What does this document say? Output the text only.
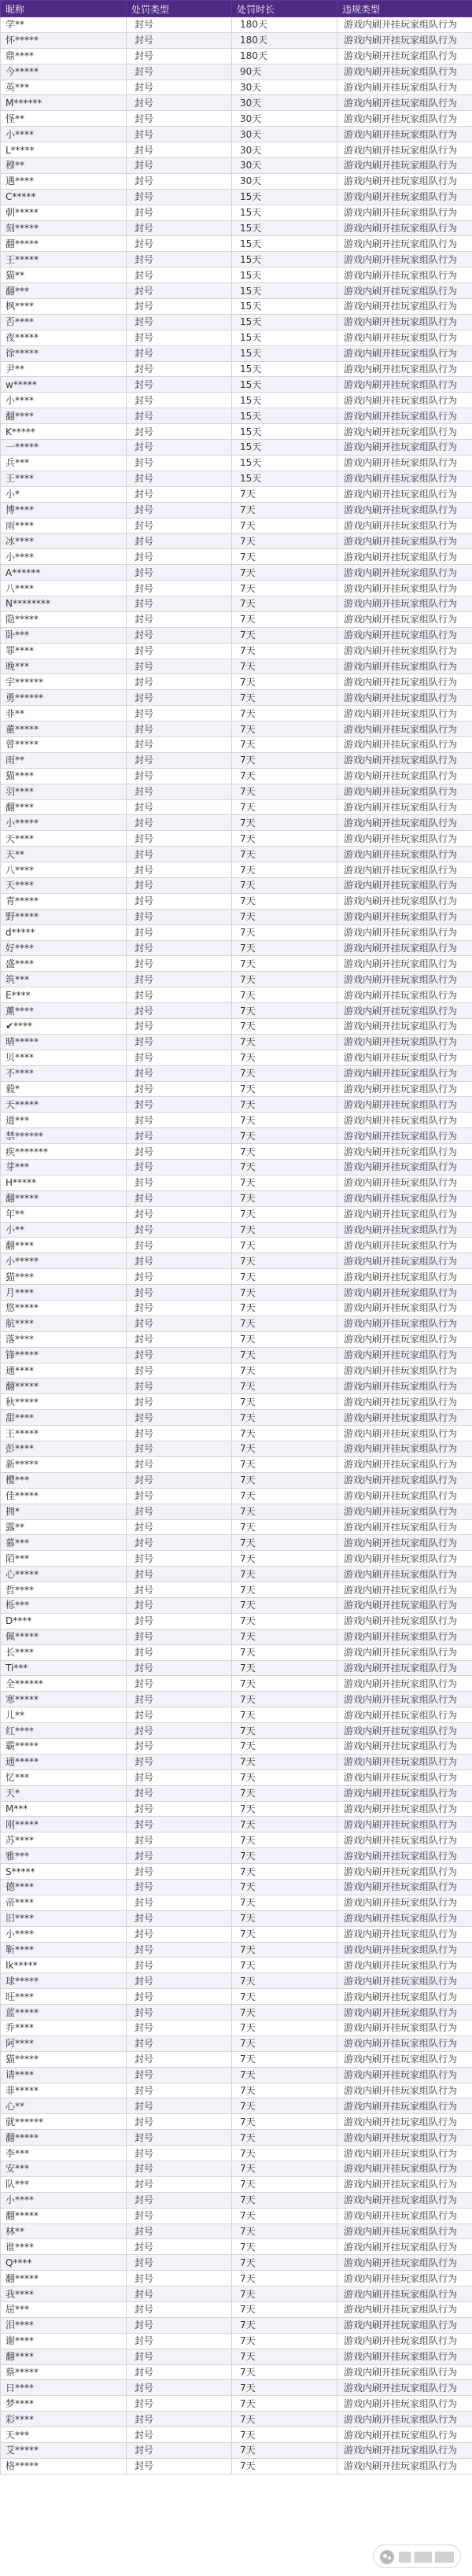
昵称	处罚类型	处罚时长	违规类型
学**	封号	180天	游戏内刷开挂玩家组队行为
怀*****	封号	180天	游戏内刷开挂玩家组队行为
鼎****	封号	180天	游戏内刷开挂玩家组队行为
今*****	封号	90天	游戏内刷开挂玩家组队行为
英***	封号	30天	游戏内刷开挂玩家组队行为
M******	封号	30天	游戏内刷开挂玩家组队行为
怪**	封号	30天	游戏内刷开挂玩家组队行为
小****	封号	30天	游戏内刷开挂玩家组队行为
L*****	封号	30天	游戏内刷开挂玩家组队行为
穆**	封号	30天	游戏内刷开挂玩家组队行为
遇****	封号	30天	游戏内刷开挂玩家组队行为
C*****	封号	15天	游戏内刷开挂玩家组队行为
朝*****	封号	15天	游戏内刷开挂玩家组队行为
刻*****	封号	15天	游戏内刷开挂玩家组队行为
翻*****	封号	15天	游戏内刷开挂玩家组队行为
王*****	封号	15天	游戏内刷开挂玩家组队行为
猫**	封号	15天	游戏内刷开挂玩家组队行为
翻***	封号	15天	游戏内刷开挂玩家组队行为
枫****	封号	15天	游戏内刷开挂玩家组队行为
否****	封号	15天	游戏内刷开挂玩家组队行为
夜*****	封号	15天	游戏内刷开挂玩家组队行为
徐*****	封号	15天	游戏内刷开挂玩家组队行为
尹**	封号	15天	游戏内刷开挂玩家组队行为
w*****	封号	15天	游戏内刷开挂玩家组队行为
小****	封号	15天	游戏内刷开挂玩家组队行为
翻****	封号	15天	游戏内刷开挂玩家组队行为
K*****	封号	15天	游戏内刷开挂玩家组队行为
一*****	封号	15天	游戏内刷开挂玩家组队行为
兵***	封号	15天	游戏内刷开挂玩家组队行为
王****	封号	15天	游戏内刷开挂玩家组队行为
小*	封号	7天	游戏内刷开挂玩家组队行为
博****	封号	7天	游戏内刷开挂玩家组队行为
雨****	封号	7天	游戏内刷开挂玩家组队行为
冰****	封号	7天	游戏内刷开挂玩家组队行为
小****	封号	7天	游戏内刷开挂玩家组队行为
A******	封号	7天	游戏内刷开挂玩家组队行为
八****	封号	7天	游戏内刷开挂玩家组队行为
N********	封号	7天	游戏内刷开挂玩家组队行为
隐*****	封号	7天	游戏内刷开挂玩家组队行为
卧***	封号	7天	游戏内刷开挂玩家组队行为
罪****	封号	7天	游戏内刷开挂玩家组队行为
晚***	封号	7天	游戏内刷开挂玩家组队行为
宇******	封号	7天	游戏内刷开挂玩家组队行为
勇******	封号	7天	游戏内刷开挂玩家组队行为
非**	封号	7天	游戏内刷开挂玩家组队行为
董*****	封号	7天	游戏内刷开挂玩家组队行为
曾*****	封号	7天	游戏内刷开挂玩家组队行为
雨**	封号	7天	游戏内刷开挂玩家组队行为
猫****	封号	7天	游戏内刷开挂玩家组队行为
羽****	封号	7天	游戏内刷开挂玩家组队行为
翻****	封号	7天	游戏内刷开挂玩家组队行为
小*****	封号	7天	游戏内刷开挂玩家组队行为
天****	封号	7天	游戏内刷开挂玩家组队行为
天**	封号	7天	游戏内刷开挂玩家组队行为
八****	封号	7天	游戏内刷开挂玩家组队行为
天****	封号	7天	游戏内刷开挂玩家组队行为
青*****	封号	7天	游戏内刷开挂玩家组队行为
野*****	封号	7天	游戏内刷开挂玩家组队行为
d*****	封号	7天	游戏内刷开挂玩家组队行为
好****	封号	7天	游戏内刷开挂玩家组队行为
盛****	封号	7天	游戏内刷开挂玩家组队行为
筑***	封号	7天	游戏内刷开挂玩家组队行为
E****	封号	7天	游戏内刷开挂玩家组队行为
薰****	封号	7天	游戏内刷开挂玩家组队行为
✔****	封号	7天	游戏内刷开挂玩家组队行为
晴*****	封号	7天	游戏内刷开挂玩家组队行为
贝****	封号	7天	游戏内刷开挂玩家组队行为
不****	封号	7天	游戏内刷开挂玩家组队行为
毅*	封号	7天	游戏内刷开挂玩家组队行为
天*****	封号	7天	游戏内刷开挂玩家组队行为
道***	封号	7天	游戏内刷开挂玩家组队行为
禁******	封号	7天	游戏内刷开挂玩家组队行为
疾*******	封号	7天	游戏内刷开挂玩家组队行为
芽***	封号	7天	游戏内刷开挂玩家组队行为
H*****	封号	7天	游戏内刷开挂玩家组队行为
翻*****	封号	7天	游戏内刷开挂玩家组队行为
年**	封号	7天	游戏内刷开挂玩家组队行为
小**	封号	7天	游戏内刷开挂玩家组队行为
翻****	封号	7天	游戏内刷开挂玩家组队行为
小*****	封号	7天	游戏内刷开挂玩家组队行为
猫****	封号	7天	游戏内刷开挂玩家组队行为
月****	封号	7天	游戏内刷开挂玩家组队行为
悠*****	封号	7天	游戏内刷开挂玩家组队行为
航****	封号	7天	游戏内刷开挂玩家组队行为
落****	封号	7天	游戏内刷开挂玩家组队行为
锋*****	封号	7天	游戏内刷开挂玩家组队行为
通****	封号	7天	游戏内刷开挂玩家组队行为
翻*****	封号	7天	游戏内刷开挂玩家组队行为
秋*****	封号	7天	游戏内刷开挂玩家组队行为
甜****	封号	7天	游戏内刷开挂玩家组队行为
王*****	封号	7天	游戏内刷开挂玩家组队行为
彭****	封号	7天	游戏内刷开挂玩家组队行为
新*****	封号	7天	游戏内刷开挂玩家组队行为
樱***	封号	7天	游戏内刷开挂玩家组队行为
佳*****	封号	7天	游戏内刷开挂玩家组队行为
拥*	封号	7天	游戏内刷开挂玩家组队行为
露**	封号	7天	游戏内刷开挂玩家组队行为
慕***	封号	7天	游戏内刷开挂玩家组队行为
陌***	封号	7天	游戏内刷开挂玩家组队行为
心*****	封号	7天	游戏内刷开挂玩家组队行为
哲****	封号	7天	游戏内刷开挂玩家组队行为
栎***	封号	7天	游戏内刷开挂玩家组队行为
D****	封号	7天	游戏内刷开挂玩家组队行为
佩*****	封号	7天	游戏内刷开挂玩家组队行为
长****	封号	7天	游戏内刷开挂玩家组队行为
Ti***	封号	7天	游戏内刷开挂玩家组队行为
全******	封号	7天	游戏内刷开挂玩家组队行为
寒*****	封号	7天	游戏内刷开挂玩家组队行为
儿**	封号	7天	游戏内刷开挂玩家组队行为
红****	封号	7天	游戏内刷开挂玩家组队行为
霸*****	封号	7天	游戏内刷开挂玩家组队行为
通*****	封号	7天	游戏内刷开挂玩家组队行为
忆***	封号	7天	游戏内刷开挂玩家组队行为
天*	封号	7天	游戏内刷开挂玩家组队行为
M***	封号	7天	游戏内刷开挂玩家组队行为
刚*****	封号	7天	游戏内刷开挂玩家组队行为
苏****	封号	7天	游戏内刷开挂玩家组队行为
雅***	封号	7天	游戏内刷开挂玩家组队行为
S*****	封号	7天	游戏内刷开挂玩家组队行为
德****	封号	7天	游戏内刷开挂玩家组队行为
帝****	封号	7天	游戏内刷开挂玩家组队行为
旧****	封号	7天	游戏内刷开挂玩家组队行为
小****	封号	7天	游戏内刷开挂玩家组队行为
靳****	封号	7天	游戏内刷开挂玩家组队行为
Ik*****	封号	7天	游戏内刷开挂玩家组队行为
球*****	封号	7天	游戏内刷开挂玩家组队行为
旺****	封号	7天	游戏内刷开挂玩家组队行为
蓝*****	封号	7天	游戏内刷开挂玩家组队行为
乔****	封号	7天	游戏内刷开挂玩家组队行为
阿****	封号	7天	游戏内刷开挂玩家组队行为
猫*****	封号	7天	游戏内刷开挂玩家组队行为
请****	封号	7天	游戏内刷开挂玩家组队行为
菲*****	封号	7天	游戏内刷开挂玩家组队行为
心**	封号	7天	游戏内刷开挂玩家组队行为
就******	封号	7天	游戏内刷开挂玩家组队行为
翻*****	封号	7天	游戏内刷开挂玩家组队行为
李***	封号	7天	游戏内刷开挂玩家组队行为
安***	封号	7天	游戏内刷开挂玩家组队行为
队***	封号	7天	游戏内刷开挂玩家组队行为
小****	封号	7天	游戏内刷开挂玩家组队行为
翻*****	封号	7天	游戏内刷开挂玩家组队行为
林**	封号	7天	游戏内刷开挂玩家组队行为
谁****	封号	7天	游戏内刷开挂玩家组队行为
Q****	封号	7天	游戏内刷开挂玩家组队行为
翻*****	封号	7天	游戏内刷开挂玩家组队行为
我****	封号	7天	游戏内刷开挂玩家组队行为
屈***	封号	7天	游戏内刷开挂玩家组队行为
泪****	封号	7天	游戏内刷开挂玩家组队行为
谢****	封号	7天	游戏内刷开挂玩家组队行为
翻****	封号	7天	游戏内刷开挂玩家组队行为
蔡*****	封号	7天	游戏内刷开挂玩家组队行为
日****	封号	7天	游戏内刷开挂玩家组队行为
梦****	封号	7天	游戏内刷开挂玩家组队行为
彩****	封号	7天	游戏内刷开挂玩家组队行为
天***	封号	7天	游戏内刷开挂玩家组队行为
艾*****	封号	7天	游戏内刷开挂玩家组队行为
格*****	封号	7天	游戏内刷开挂玩家组队行为
